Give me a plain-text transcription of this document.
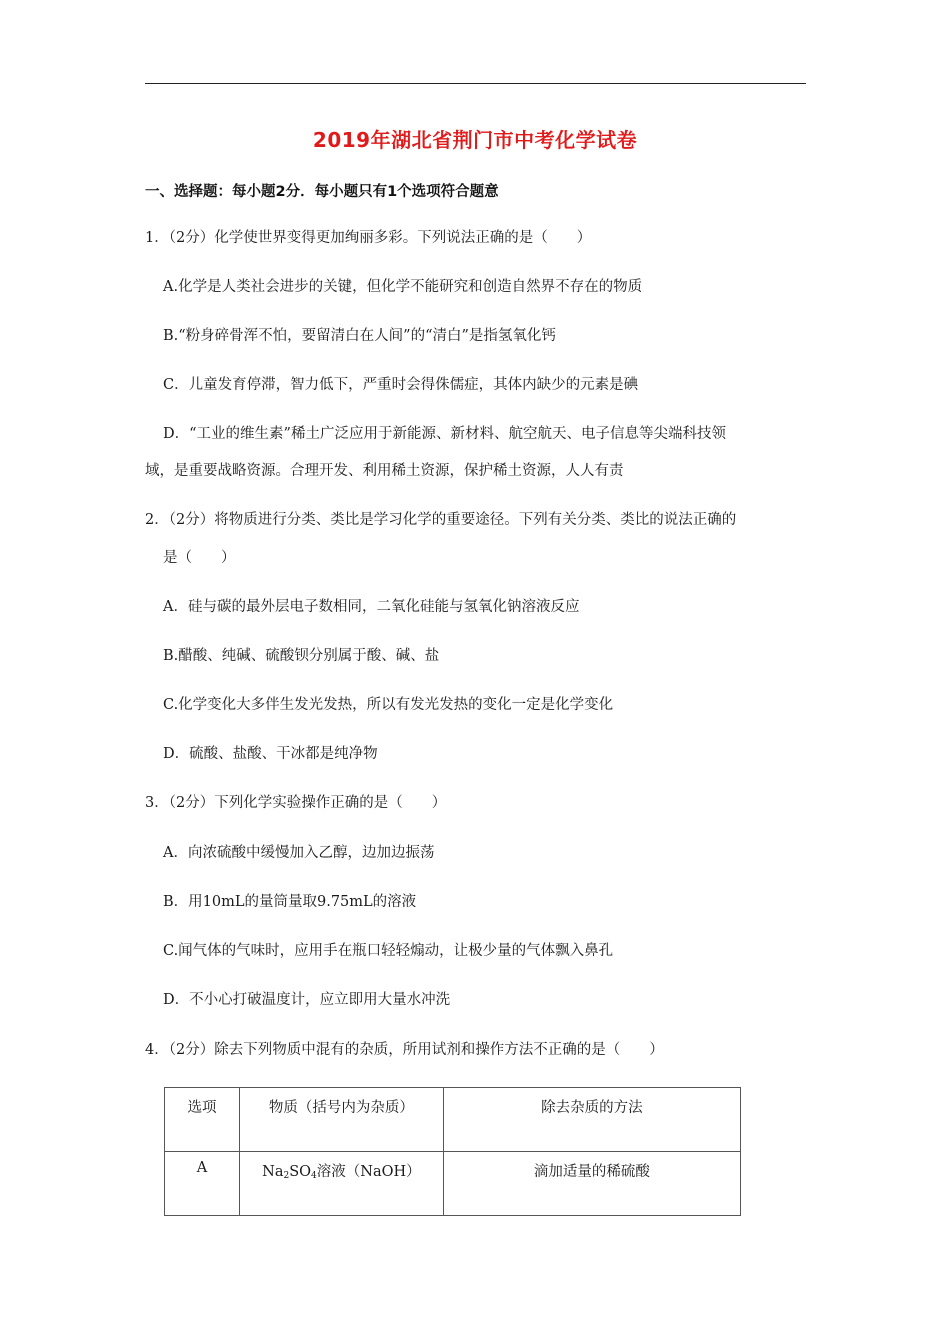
2019年湖北省荆门市中考化学试卷
一、选择题：每小题2分．每小题只有1个选项符合题意
1．（2分）化学使世界变得更加绚丽多彩。下列说法正确的是（　　）
A.化学是人类社会进步的关键，但化学不能研究和创造自然界不存在的物质
B.“粉身碎骨浑不怕，要留清白在人间”的“清白”是指氢氧化钙
C．儿童发育停滞，智力低下，严重时会得侏儒症，其体内缺少的元素是碘
D．“工业的维生素”稀土广泛应用于新能源、新材料、航空航天、电子信息等尖端科技领
域，是重要战略资源。合理开发、利用稀土资源，保护稀土资源，人人有责
2．（2分）将物质进行分类、类比是学习化学的重要途径。下列有关分类、类比的说法正确的
是（　　）
A．硅与碳的最外层电子数相同，二氧化硅能与氢氧化钠溶液反应
B.醋酸、纯碱、硫酸钡分别属于酸、碱、盐
C.化学变化大多伴生发光发热，所以有发光发热的变化一定是化学变化
D．硫酸、盐酸、干冰都是纯净物
3．（2分）下列化学实验操作正确的是（　　）
A．向浓硫酸中缓慢加入乙醇，边加边振荡
B．用10mL的量筒量取9.75mL的溶液
C.闻气体的气味时，应用手在瓶口轻轻煽动，让极少量的气体飘入鼻孔
D．不小心打破温度计，应立即用大量水冲洗
4．（2分）除去下列物质中混有的杂质，所用试剂和操作方法不正确的是（　　）
选项	物质（括号内为杂质）	除去杂质的方法
A	$Na_2SO_4$溶液（NaOH）	滴加适量的稀硫酸
